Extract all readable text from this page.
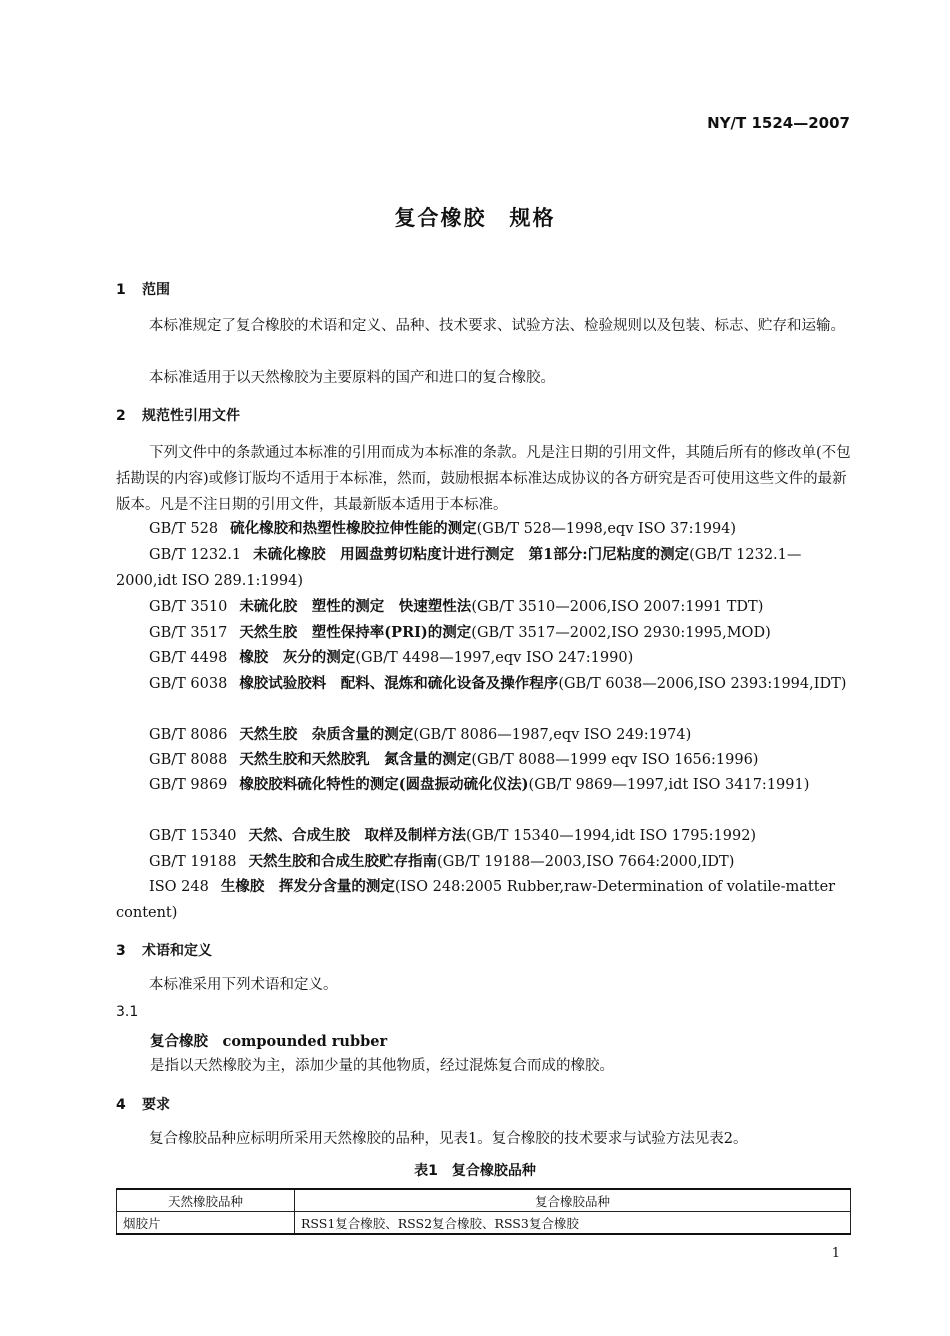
NY/T 1524—2007
复合橡胶　规格
1 范围
本标准规定了复合橡胶的术语和定义、品种、技术要求、试验方法、检验规则以及包装、标志、贮存和运输。
本标准适用于以天然橡胶为主要原料的国产和进口的复合橡胶。
2 规范性引用文件
下列文件中的条款通过本标准的引用而成为本标准的条款。凡是注日期的引用文件，其随后所有的修改单(不包括勘误的内容)或修订版均不适用于本标准，然而，鼓励根据本标准达成协议的各方研究是否可使用这些文件的最新版本。凡是不注日期的引用文件，其最新版本适用于本标准。
GB/T 528 硫化橡胶和热塑性橡胶拉伸性能的测定(GB/T 528—1998,eqv ISO 37:1994)
GB/T 1232.1 未硫化橡胶　用圆盘剪切粘度计进行测定　第1部分:门尼粘度的测定(GB/T 1232.1—2000,idt ISO 289.1:1994)
GB/T 3510 未硫化胶　塑性的测定　快速塑性法(GB/T 3510—2006,ISO 2007:1991 TDT)
GB/T 3517 天然生胶　塑性保持率(PRI)的测定(GB/T 3517—2002,ISO 2930:1995,MOD)
GB/T 4498 橡胶　灰分的测定(GB/T 4498—1997,eqv ISO 247:1990)
GB/T 6038 橡胶试验胶料　配料、混炼和硫化设备及操作程序(GB/T 6038—2006,ISO 2393:1994,IDT)
GB/T 8086 天然生胶　杂质含量的测定(GB/T 8086—1987,eqv ISO 249:1974)
GB/T 8088 天然生胶和天然胶乳　氮含量的测定(GB/T 8088—1999 eqv ISO 1656:1996)
GB/T 9869 橡胶胶料硫化特性的测定(圆盘振动硫化仪法)(GB/T 9869—1997,idt ISO 3417:1991)
GB/T 15340 天然、合成生胶　取样及制样方法(GB/T 15340—1994,idt ISO 1795:1992)
GB/T 19188 天然生胶和合成生胶贮存指南(GB/T 19188—2003,ISO 7664:2000,IDT)
ISO 248 生橡胶　挥发分含量的测定(ISO 248:2005 Rubber,raw-Determination of volatile-matter content)
3 术语和定义
本标准采用下列术语和定义。
3.1
复合橡胶　compounded rubber
是指以天然橡胶为主，添加少量的其他物质，经过混炼复合而成的橡胶。
4 要求
复合橡胶品种应标明所采用天然橡胶的品种，见表1。复合橡胶的技术要求与试验方法见表2。
表1　复合橡胶品种
天然橡胶品种	复合橡胶品种
烟胶片	RSS1复合橡胶、RSS2复合橡胶、RSS3复合橡胶
1
